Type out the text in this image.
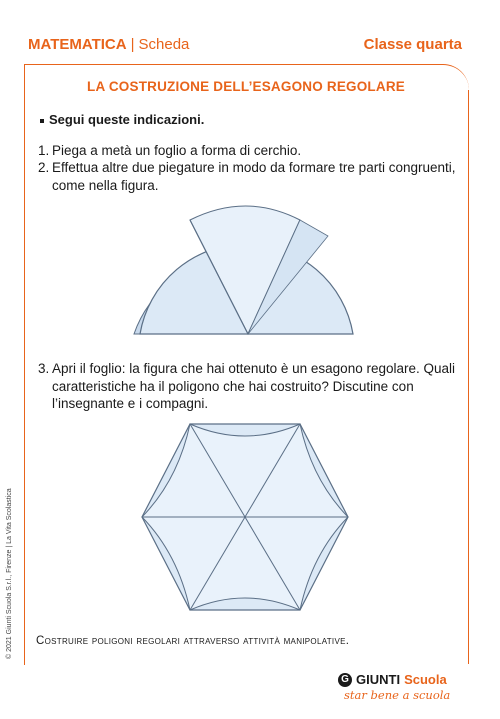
MATEMATICA | Scheda	Classe quarta
LA COSTRUZIONE DELL’ESAGONO REGOLARE
Segui queste indicazioni.
1. Piega a metà un foglio a forma di cerchio.
2. Effettua altre due piegature in modo da formare tre parti congruenti, come nella figura.
3. Apri il foglio: la figura che hai ottenuto è un esagono regolare. Quali caratteristiche ha il poligono che hai costruito? Discutine con l’insegnante e i compagni.
Costruire poligoni regolari attraverso attività manipolative.
© 2021 Giunti Scuola S.r.l., Firenze | La Vita Scolastica
G GIUNTI Scuola
star bene a scuola
